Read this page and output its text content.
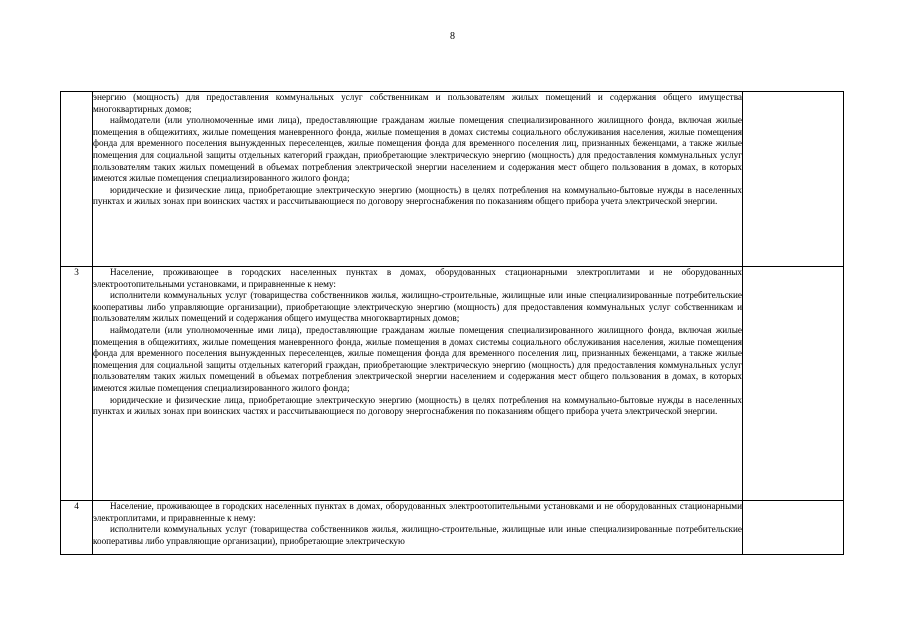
8

	энергию (мощность) для предоставления коммунальных услуг собственникам и пользователям жилых помещений и содержания общего имущества многоквартирных домов;

наймодатели (или уполномоченные ими лица), предоставляющие гражданам жилые помещения специализированного жилищного фонда, включая жилые помещения в общежитиях, жилые помещения маневренного фонда, жилые помещения в домах системы социального обслуживания населения, жилые помещения фонда для временного поселения вынужденных переселенцев, жилые помещения фонда для временного поселения лиц, признанных беженцами, а также жилые помещения для социальной защиты отдельных категорий граждан, приобретающие электрическую энергию (мощность) для предоставления коммунальных услуг пользователям таких жилых помещений в объемах потребления электрической энергии населением и содержания мест общего пользования в домах, в которых имеются жилые помещения специализированного жилого фонда;

юридические и физические лица, приобретающие электрическую энергию (мощность) в целях потребления на коммунально-бытовые нужды в населенных пунктах и жилых зонах при воинских частях и рассчитывающиеся по договору энергоснабжения по показаниям общего прибора учета электрической энергии.	

3	Население, проживающее в городских населенных пунктах в домах, оборудованных стационарными электроплитами и не оборудованных электроотопительными установками, и приравненные к нему:

исполнители коммунальных услуг (товарищества собственников жилья, жилищно-строительные, жилищные или иные специализированные потребительские кооперативы либо управляющие организации), приобретающие электрическую энергию (мощность) для предоставления коммунальных услуг собственникам и пользователям жилых помещений и содержания общего имущества многоквартирных домов;

наймодатели (или уполномоченные ими лица), предоставляющие гражданам жилые помещения специализированного жилищного фонда, включая жилые помещения в общежитиях, жилые помещения маневренного фонда, жилые помещения в домах системы социального обслуживания населения, жилые помещения фонда для временного поселения вынужденных переселенцев, жилые помещения фонда для временного поселения лиц, признанных беженцами, а также жилые помещения для социальной защиты отдельных категорий граждан, приобретающие электрическую энергию (мощность) для предоставления коммунальных услуг пользователям таких жилых помещений в объемах потребления электрической энергии населением и содержания мест общего пользования в домах, в которых имеются жилые помещения специализированного жилого фонда;

юридические и физические лица, приобретающие электрическую энергию (мощность) в целях потребления на коммунально-бытовые нужды в населенных пунктах и жилых зонах при воинских частях и рассчитывающиеся по договору энергоснабжения по показаниям общего прибора учета электрической энергии.	

4	Население, проживающее в городских населенных пунктах в домах, оборудованных электроотопительными установками и не оборудованных стационарными электроплитами, и приравненные к нему:

исполнители коммунальных услуг (товарищества собственников жилья, жилищно-строительные, жилищные или иные специализированные потребительские кооперативы либо управляющие организации), приобретающие электрическую	
